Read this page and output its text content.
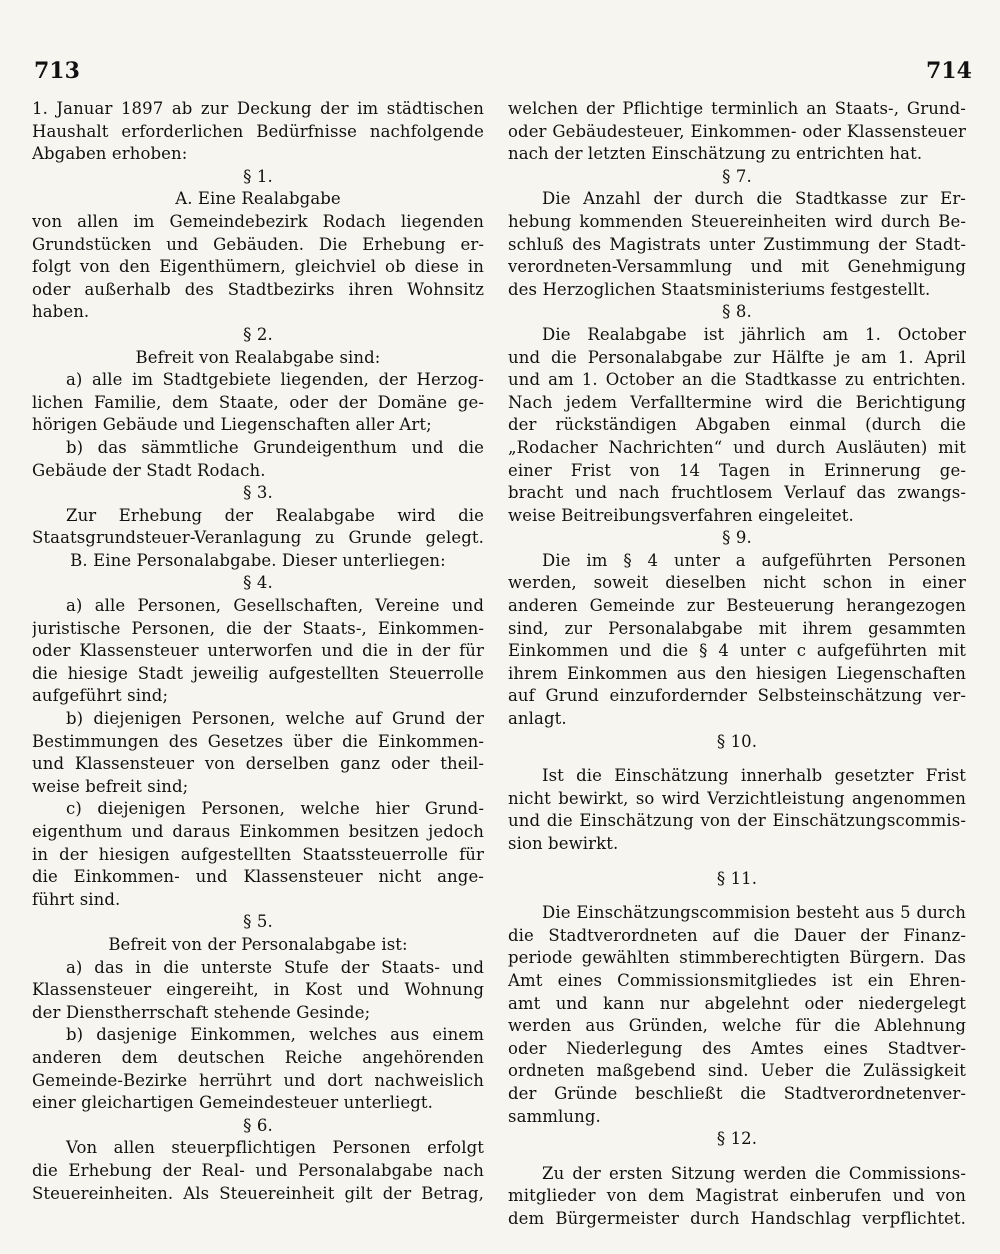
713	714
1. Januar 1897 ab zur Deckung der im städtischen
Haushalt erforderlichen Bedürfnisse nachfolgende
Abgaben erhoben:
§ 1.
A. Eine Realabgabe
von allen im Gemeindebezirk Rodach liegenden
Grundstücken und Gebäuden. Die Erhebung er-
folgt von den Eigenthümern, gleichviel ob diese in
oder außerhalb des Stadtbezirks ihren Wohnsitz
haben.
§ 2.
Befreit von Realabgabe sind:
a) alle im Stadtgebiete liegenden, der Herzog-
lichen Familie, dem Staate, oder der Domäne ge-
hörigen Gebäude und Liegenschaften aller Art;
b) das sämmtliche Grundeigenthum und die
Gebäude der Stadt Rodach.
§ 3.
Zur Erhebung der Realabgabe wird die
Staatsgrundsteuer-Veranlagung zu Grunde gelegt.
B. Eine Personalabgabe. Dieser unterliegen:
§ 4.
a) alle Personen, Gesellschaften, Vereine und
juristische Personen, die der Staats-, Einkommen-
oder Klassensteuer unterworfen und die in der für
die hiesige Stadt jeweilig aufgestellten Steuerrolle
aufgeführt sind;
b) diejenigen Personen, welche auf Grund der
Bestimmungen des Gesetzes über die Einkommen-
und Klassensteuer von derselben ganz oder theil-
weise befreit sind;
c) diejenigen Personen, welche hier Grund-
eigenthum und daraus Einkommen besitzen jedoch
in der hiesigen aufgestellten Staatssteuerrolle für
die Einkommen- und Klassensteuer nicht ange-
führt sind.
§ 5.
Befreit von der Personalabgabe ist:
a) das in die unterste Stufe der Staats- und
Klassensteuer eingereiht, in Kost und Wohnung
der Dienstherrschaft stehende Gesinde;
b) dasjenige Einkommen, welches aus einem
anderen dem deutschen Reiche angehörenden
Gemeinde-Bezirke herrührt und dort nachweislich
einer gleichartigen Gemeindesteuer unterliegt.
§ 6.
Von allen steuerpflichtigen Personen erfolgt
die Erhebung der Real- und Personalabgabe nach
Steuereinheiten. Als Steuereinheit gilt der Betrag,
welchen der Pflichtige terminlich an Staats-, Grund-
oder Gebäudesteuer, Einkommen- oder Klassensteuer
nach der letzten Einschätzung zu entrichten hat.
§ 7.
Die Anzahl der durch die Stadtkasse zur Er-
hebung kommenden Steuereinheiten wird durch Be-
schluß des Magistrats unter Zustimmung der Stadt-
verordneten-Versammlung und mit Genehmigung
des Herzoglichen Staatsministeriums festgestellt.
§ 8.
Die Realabgabe ist jährlich am 1. October
und die Personalabgabe zur Hälfte je am 1. April
und am 1. October an die Stadtkasse zu entrichten.
Nach jedem Verfalltermine wird die Berichtigung
der rückständigen Abgaben einmal (durch die
„Rodacher Nachrichten“ und durch Ausläuten) mit
einer Frist von 14 Tagen in Erinnerung ge-
bracht und nach fruchtlosem Verlauf das zwangs-
weise Beitreibungsverfahren eingeleitet.
§ 9.
Die im § 4 unter a aufgeführten Personen
werden, soweit dieselben nicht schon in einer
anderen Gemeinde zur Besteuerung herangezogen
sind, zur Personalabgabe mit ihrem gesammten
Einkommen und die § 4 unter c aufgeführten mit
ihrem Einkommen aus den hiesigen Liegenschaften
auf Grund einzufordernder Selbsteinschätzung ver-
anlagt.
§ 10.
Ist die Einschätzung innerhalb gesetzter Frist
nicht bewirkt, so wird Verzichtleistung angenommen
und die Einschätzung von der Einschätzungscommis-
sion bewirkt.
§ 11.
Die Einschätzungscommision besteht aus 5 durch
die Stadtverordneten auf die Dauer der Finanz-
periode gewählten stimmberechtigten Bürgern. Das
Amt eines Commissionsmitgliedes ist ein Ehren-
amt und kann nur abgelehnt oder niedergelegt
werden aus Gründen, welche für die Ablehnung
oder Niederlegung des Amtes eines Stadtver-
ordneten maßgebend sind. Ueber die Zulässigkeit
der Gründe beschließt die Stadtverordnetenver-
sammlung.
§ 12.
Zu der ersten Sitzung werden die Commissions-
mitglieder von dem Magistrat einberufen und von
dem Bürgermeister durch Handschlag verpflichtet.
